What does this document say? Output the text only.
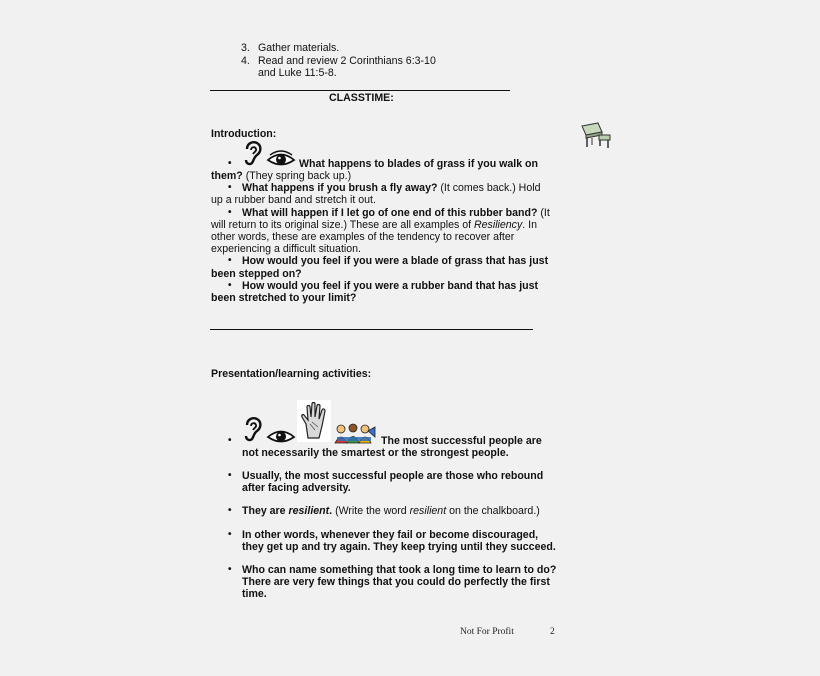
3. Gather materials.
4. Read and review 2 Corinthians 6:3-10
and Luke 11:5-8.
CLASSTIME:
Introduction:
•	What happens to blades of grass if you walk on
them? (They spring back up.)
• What happens if you brush a fly away? (It comes back.) Hold
up a rubber band and stretch it out.
• What will happen if I let go of one end of this rubber band? (It
will return to its original size.) These are all examples of Resiliency. In
other words, these are examples of the tendency to recover after
experiencing a difficult situation.
• How would you feel if you were a blade of grass that has just
been stepped on?
• How would you feel if you were a rubber band that has just
been stretched to your limit?
Presentation/learning activities:
•	The most successful people are
not necessarily the smartest or the strongest people.
• Usually, the most successful people are those who rebound
after facing adversity.
• They are resilient. (Write the word resilient on the chalkboard.)
• In other words, whenever they fail or become discouraged,
they get up and try again. They keep trying until they succeed.
• Who can name something that took a long time to learn to do?
There are very few things that you could do perfectly the first
time.
Not For Profit	2
